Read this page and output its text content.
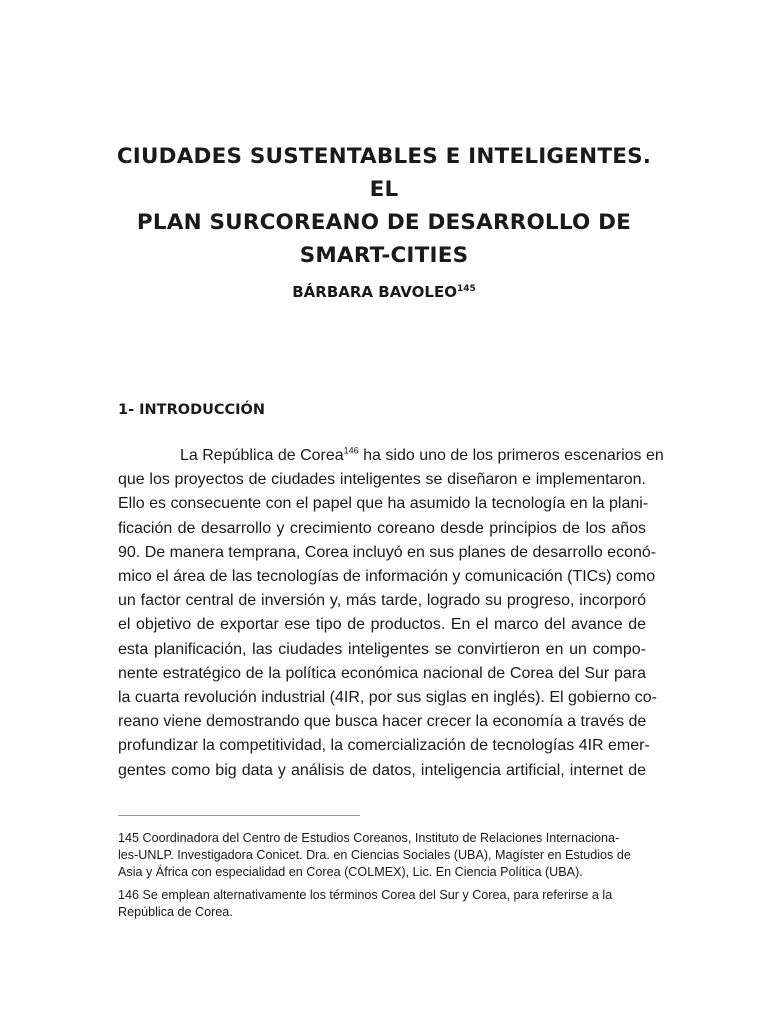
CIUDADES SUSTENTABLES E INTELIGENTES. EL
PLAN SURCOREANO DE DESARROLLO DE
SMART-CITIES

BÁRBARA BAVOLEO$^{145}$

1- INTRODUCCIÓN
La República de Corea$^{146}$ ha sido uno de los primeros escenarios en
que los proyectos de ciudades inteligentes se diseñaron e implementaron.
Ello es consecuente con el papel que ha asumido la tecnología en la plani-
ficación de desarrollo y crecimiento coreano desde principios de los años
90. De manera temprana, Corea incluyó en sus planes de desarrollo econó-
mico el área de las tecnologías de información y comunicación (TICs) como
un factor central de inversión y, más tarde, logrado su progreso, incorporó
el objetivo de exportar ese tipo de productos. En el marco del avance de
esta planificación, las ciudades inteligentes se convirtieron en un compo-
nente estratégico de la política económica nacional de Corea del Sur para
la cuarta revolución industrial (4IR, por sus siglas en inglés). El gobierno co-
reano viene demostrando que busca hacer crecer la economía a través de
profundizar la competitividad, la comercialización de tecnologías 4IR emer-
gentes como big data y análisis de datos, inteligencia artificial, internet de

145 Coordinadora del Centro de Estudios Coreanos, Instituto de Relaciones Internaciona-
les-UNLP. Investigadora Conicet. Dra. en Ciencias Sociales (UBA), Magíster en Estudios de
Asia y África con especialidad en Corea (COLMEX), Lic. En Ciencia Política (UBA).

146 Se emplean alternativamente los términos Corea del Sur y Corea, para referirse a la
República de Corea.
